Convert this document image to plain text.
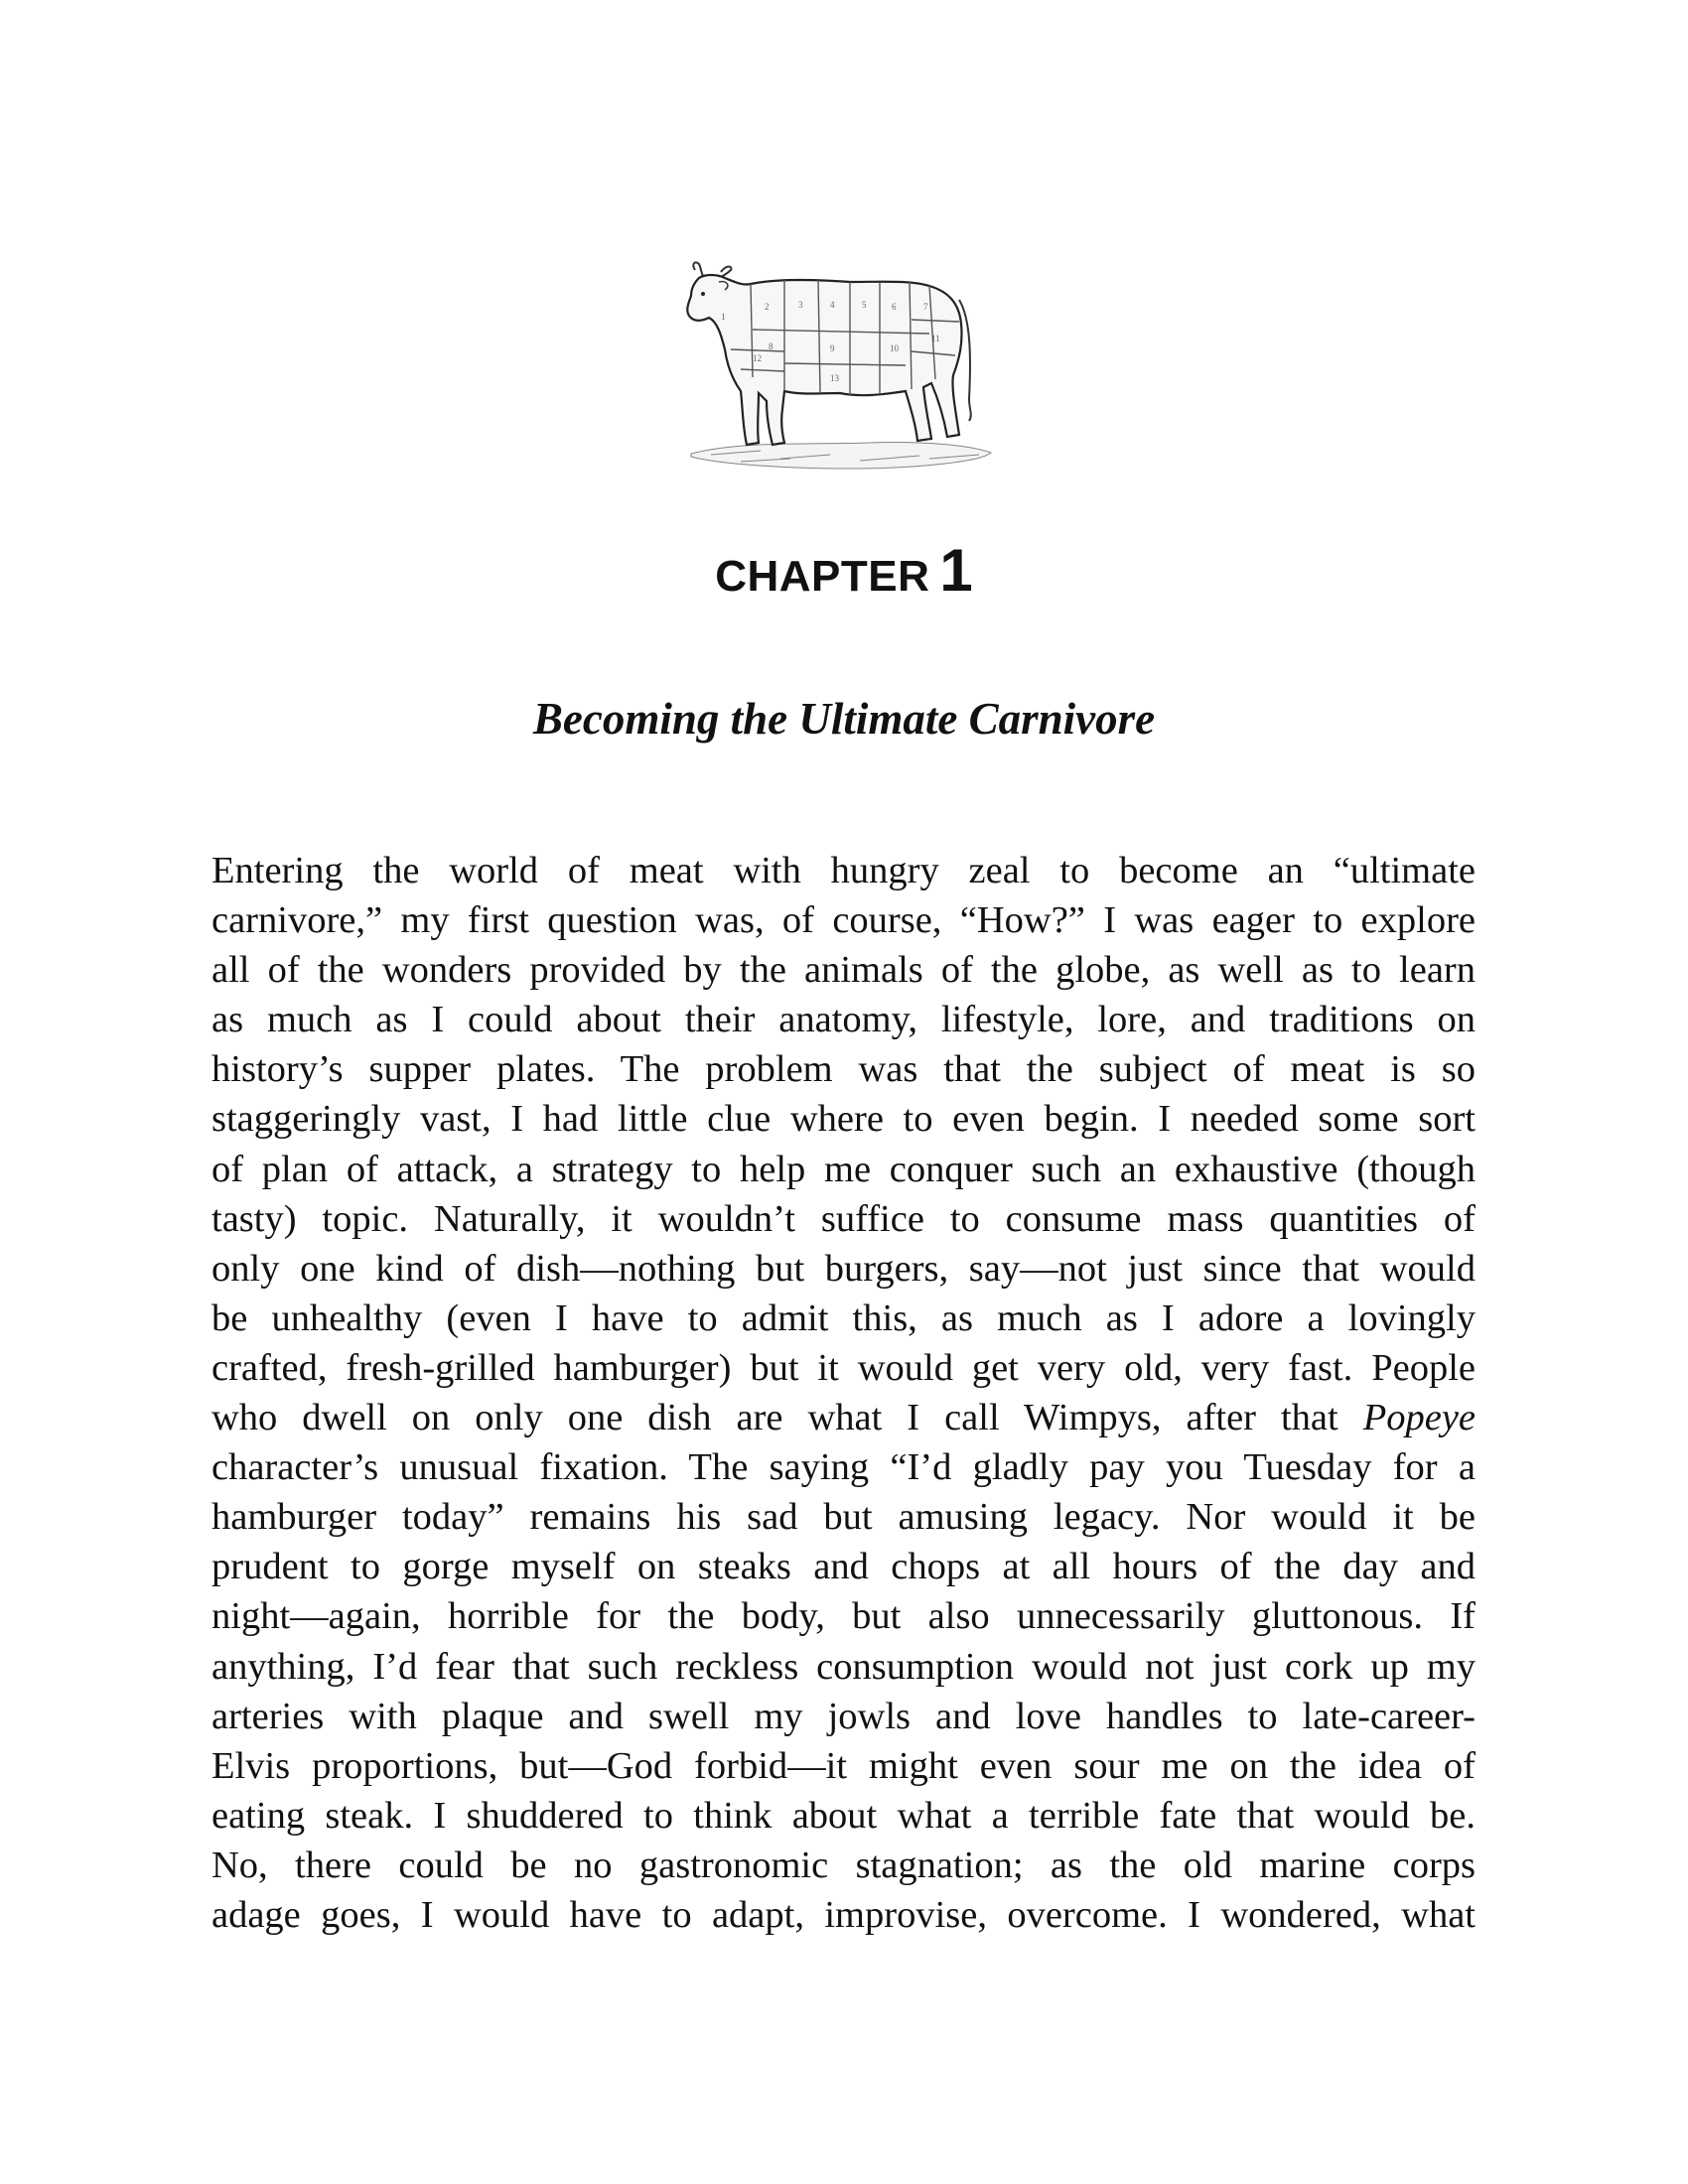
2	3	4	5	6	7
8	9	10
11
12
13
1
CHAPTER 1
Becoming the Ultimate Carnivore
Entering the world of meat with hungry zeal to become an “ultimate
carnivore,” my first question was, of course, “How?” I was eager to explore
all of the wonders provided by the animals of the globe, as well as to learn
as much as I could about their anatomy, lifestyle, lore, and traditions on
history’s supper plates. The problem was that the subject of meat is so
staggeringly vast, I had little clue where to even begin. I needed some sort
of plan of attack, a strategy to help me conquer such an exhaustive (though
tasty) topic. Naturally, it wouldn’t suffice to consume mass quantities of
only one kind of dish—nothing but burgers, say—not just since that would
be unhealthy (even I have to admit this, as much as I adore a lovingly
crafted, fresh-grilled hamburger) but it would get very old, very fast. People
who dwell on only one dish are what I call Wimpys, after that Popeye
character’s unusual fixation. The saying “I’d gladly pay you Tuesday for a
hamburger today” remains his sad but amusing legacy. Nor would it be
prudent to gorge myself on steaks and chops at all hours of the day and
night—again, horrible for the body, but also unnecessarily gluttonous. If
anything, I’d fear that such reckless consumption would not just cork up my
arteries with plaque and swell my jowls and love handles to late-career-
Elvis proportions, but—God forbid—it might even sour me on the idea of
eating steak. I shuddered to think about what a terrible fate that would be.
No, there could be no gastronomic stagnation; as the old marine corps
adage goes, I would have to adapt, improvise, overcome. I wondered, what
